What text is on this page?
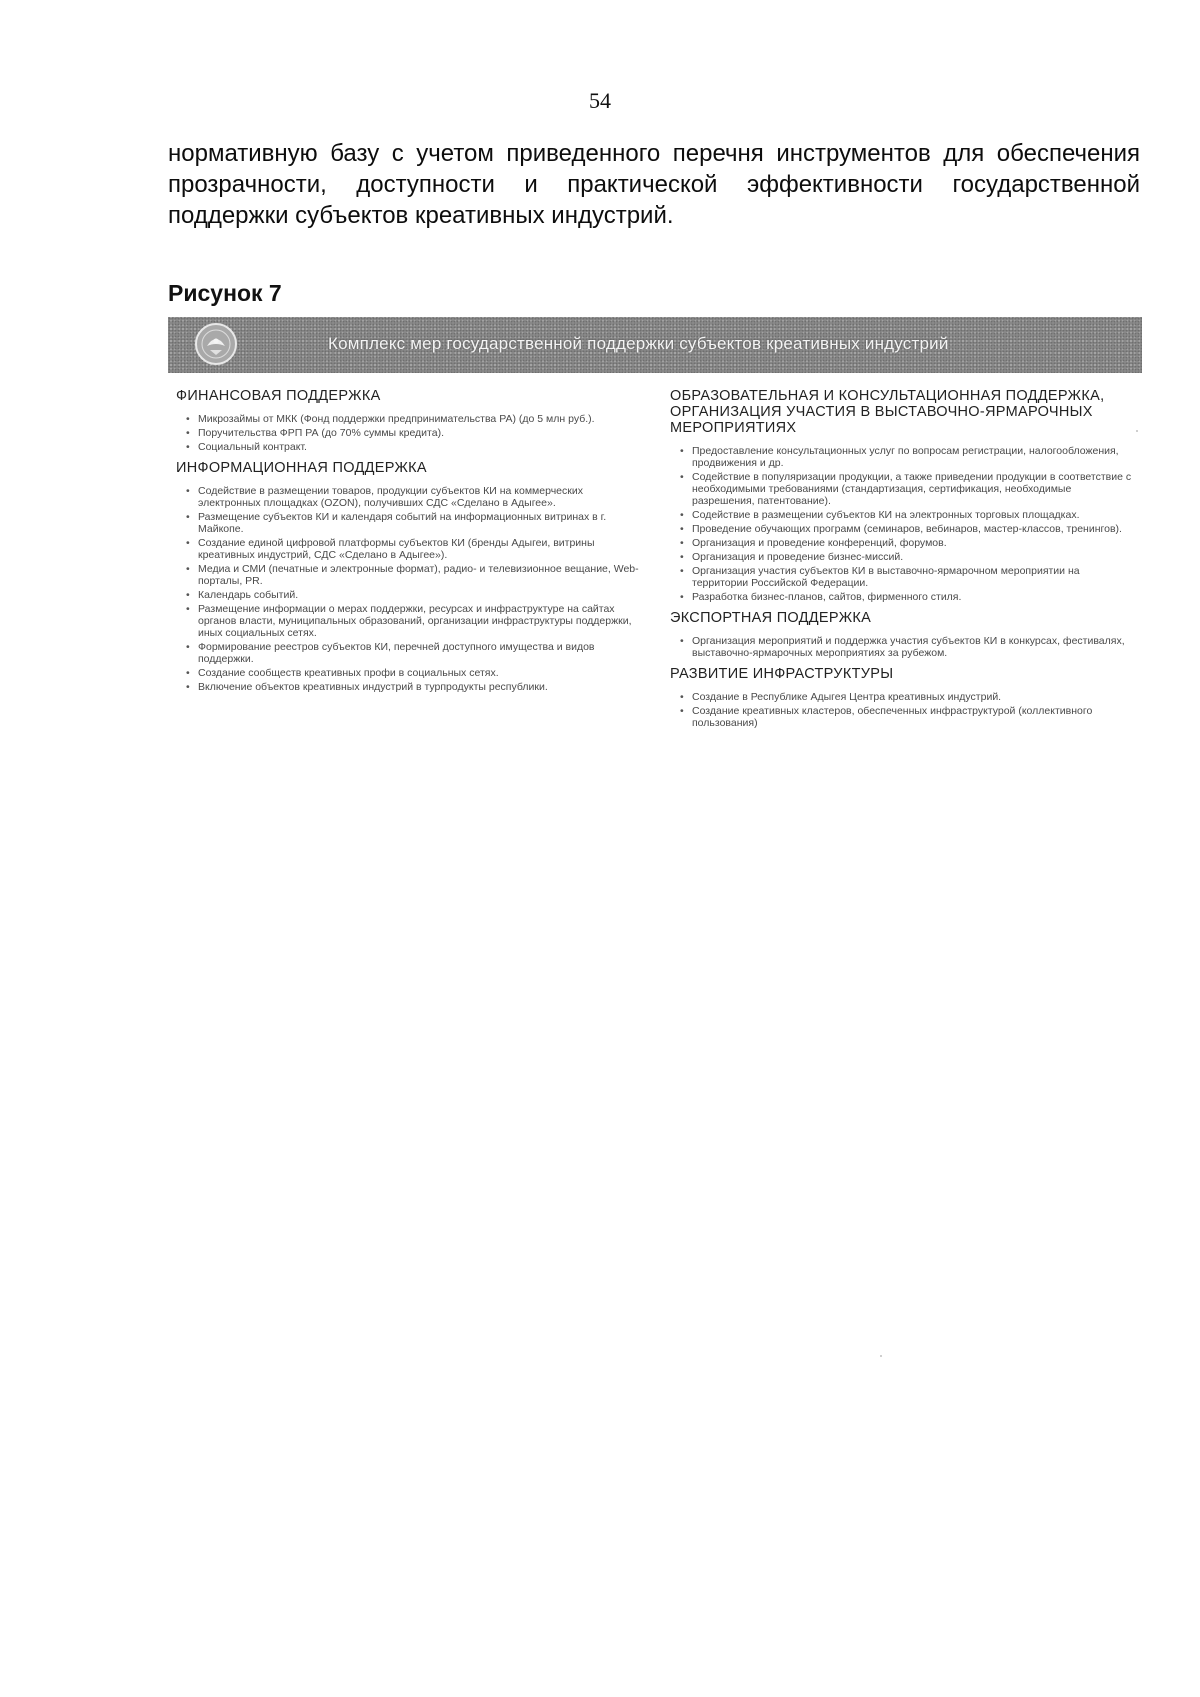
54
нормативную базу с учетом приведенного перечня инструментов для обеспечения прозрачности, доступности и практической эффективности государственной поддержки субъектов креативных индустрий.
Рисунок 7
Комплекс мер государственной поддержки субъектов креативных индустрий
ФИНАНСОВАЯ ПОДДЕРЖКА
• Микрозаймы от МКК (Фонд поддержки предпринимательства РА) (до 5 млн руб.).
• Поручительства ФРП РА (до 70% суммы кредита).
• Социальный контракт.
ИНФОРМАЦИОННАЯ ПОДДЕРЖКА
• Содействие в размещении товаров, продукции субъектов КИ на коммерческих электронных площадках (OZON), получивших СДС «Сделано в Адыгее».
• Размещение субъектов КИ и календаря событий на информационных витринах в г. Майкопе.
• Создание единой цифровой платформы субъектов КИ (бренды Адыгеи, витрины креативных индустрий, СДС «Сделано в Адыгее»).
• Медиа и СМИ (печатные и электронные формат), радио- и телевизионное вещание, Web-порталы, PR.
• Календарь событий.
• Размещение информации о мерах поддержки, ресурсах и инфраструктуре на сайтах органов власти, муниципальных образований, организации инфраструктуры поддержки, иных социальных сетях.
• Формирование реестров субъектов КИ, перечней доступного имущества и видов поддержки.
• Создание сообществ креативных профи в социальных сетях.
• Включение объектов креативных индустрий в турпродукты республики.
ОБРАЗОВАТЕЛЬНАЯ И КОНСУЛЬТАЦИОННАЯ ПОДДЕРЖКА, ОРГАНИЗАЦИЯ УЧАСТИЯ В ВЫСТАВОЧНО-ЯРМАРОЧНЫХ МЕРОПРИЯТИЯХ
• Предоставление консультационных услуг по вопросам регистрации, налогообложения, продвижения и др.
• Содействие в популяризации продукции, а также приведении продукции в соответствие с необходимыми требованиями (стандартизация, сертификация, необходимые разрешения, патентование).
• Содействие в размещении субъектов КИ на электронных торговых площадках.
• Проведение обучающих программ (семинаров, вебинаров, мастер-классов, тренингов).
• Организация и проведение конференций, форумов.
• Организация и проведение бизнес-миссий.
• Организация участия субъектов КИ в выставочно-ярмарочном мероприятии на территории Российской Федерации.
• Разработка бизнес-планов, сайтов, фирменного стиля.
ЭКСПОРТНАЯ ПОДДЕРЖКА
• Организация мероприятий и поддержка участия субъектов КИ в конкурсах, фестивалях, выставочно-ярмарочных мероприятиях за рубежом.
РАЗВИТИЕ ИНФРАСТРУКТУРЫ
• Создание в Республике Адыгея Центра креативных индустрий.
• Создание креативных кластеров, обеспеченных инфраструктурой (коллективного пользования)
